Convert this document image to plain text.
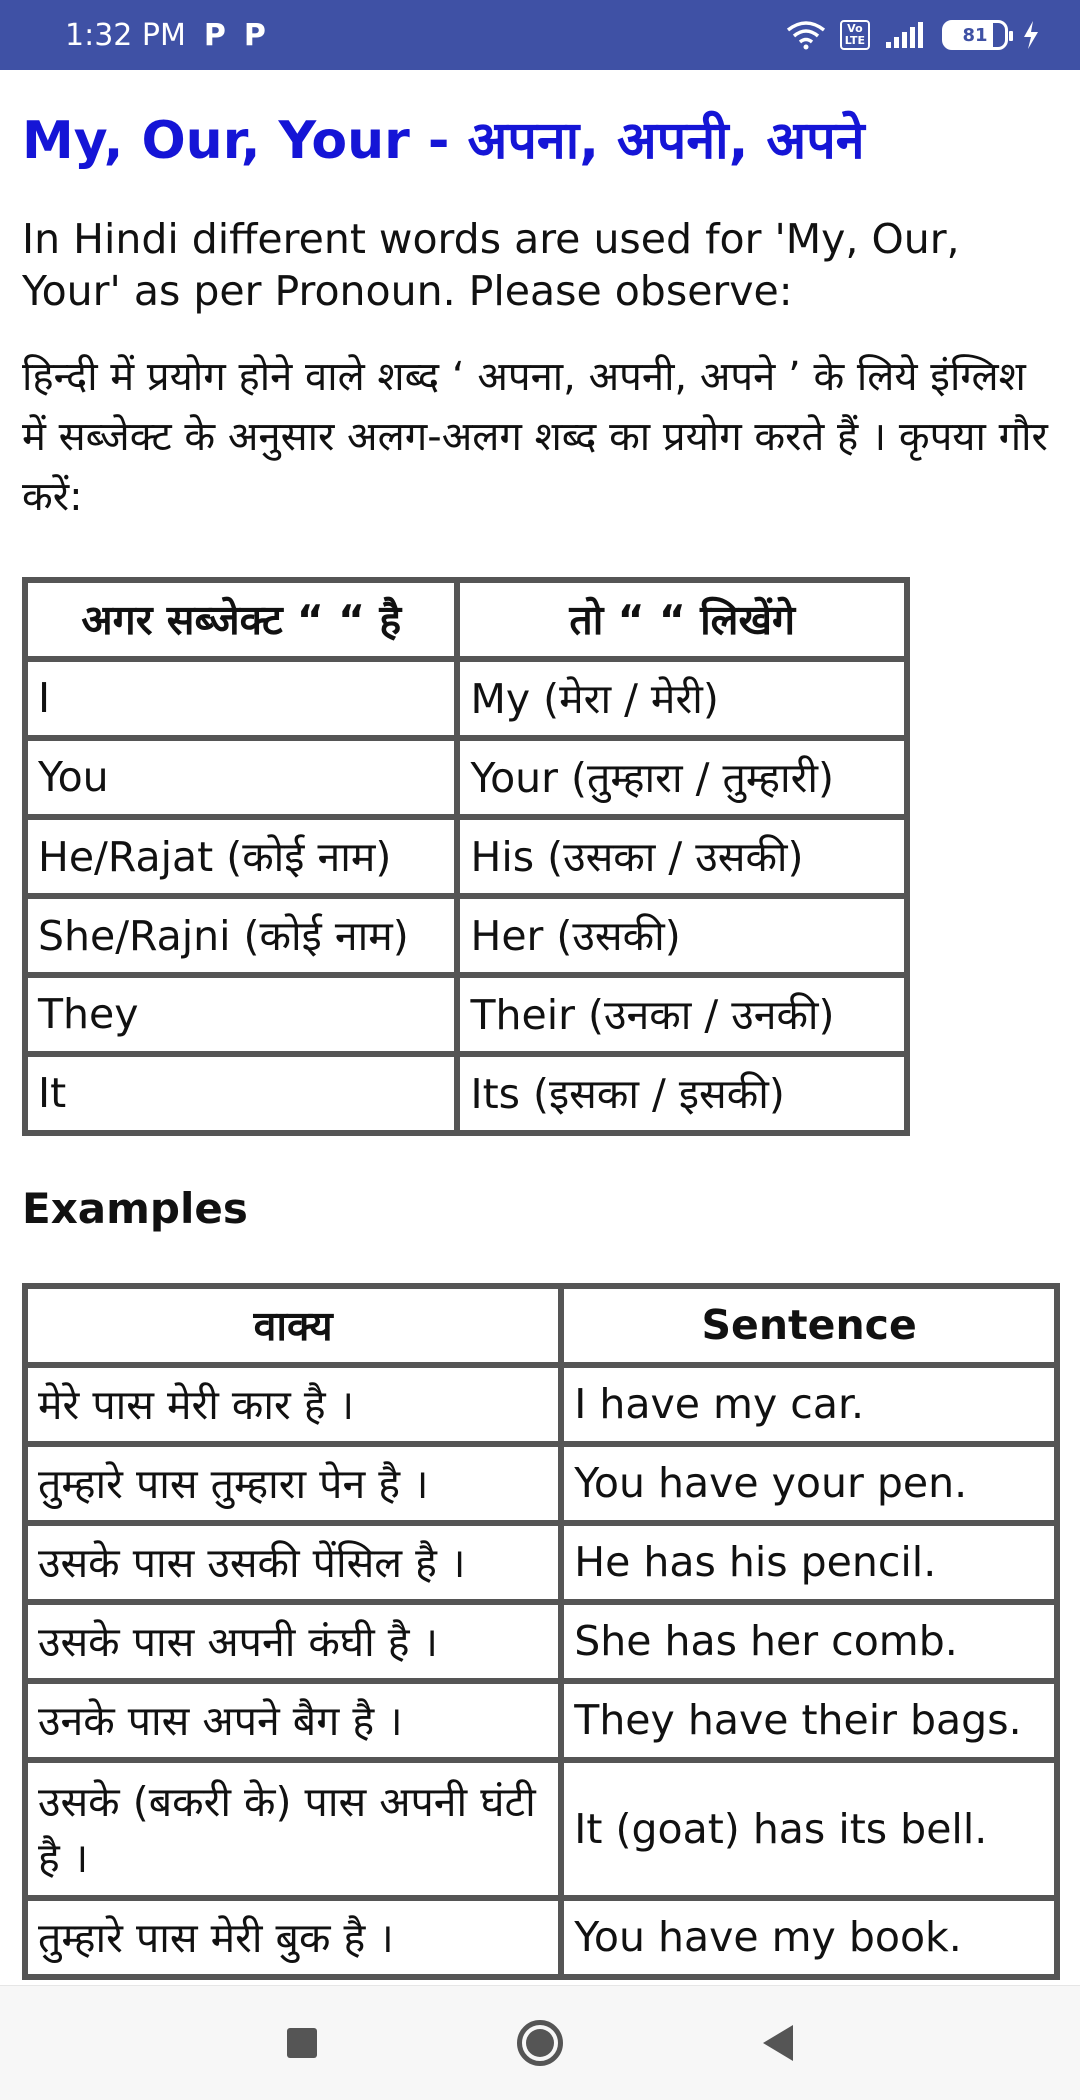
1:32 PM P P	Vo
LTE	81
My, Our, Your - अपना, अपनी, अपने

In Hindi different words are used for 'My, Our, Your' as per Pronoun. Please observe:

हिन्दी में प्रयोग होने वाले शब्द ‘ अपना, अपनी, अपने ’ के लिये इंग्लिश में सब्जेक्ट के अनुसार अलग-अलग शब्द का प्रयोग करते हैं । कृपया गौर करें:

अगर सब्जेक्ट “ “ है	तो “ “ लिखेंगे
I	My (मेरा / मेरी)
You	Your (तुम्हारा / तुम्हारी)
He/Rajat (कोई नाम)	His (उसका / उसकी)
She/Rajni (कोई नाम)	Her (उसकी)
They	Their (उनका / उनकी)
It	Its (इसका / इसकी)
Examples
वाक्य	Sentence
मेरे पास मेरी कार है ।	I have my car.
तुम्हारे पास तुम्हारा पेन है ।	You have your pen.
उसके पास उसकी पेंसिल है ।	He has his pencil.
उसके पास अपनी कंघी है ।	She has her comb.
उनके पास अपने बैग है ।	They have their bags.
उसके (बकरी के) पास अपनी घंटी है ।	It (goat) has its bell.
तुम्हारे पास मेरी बुक है ।	You have my book.
